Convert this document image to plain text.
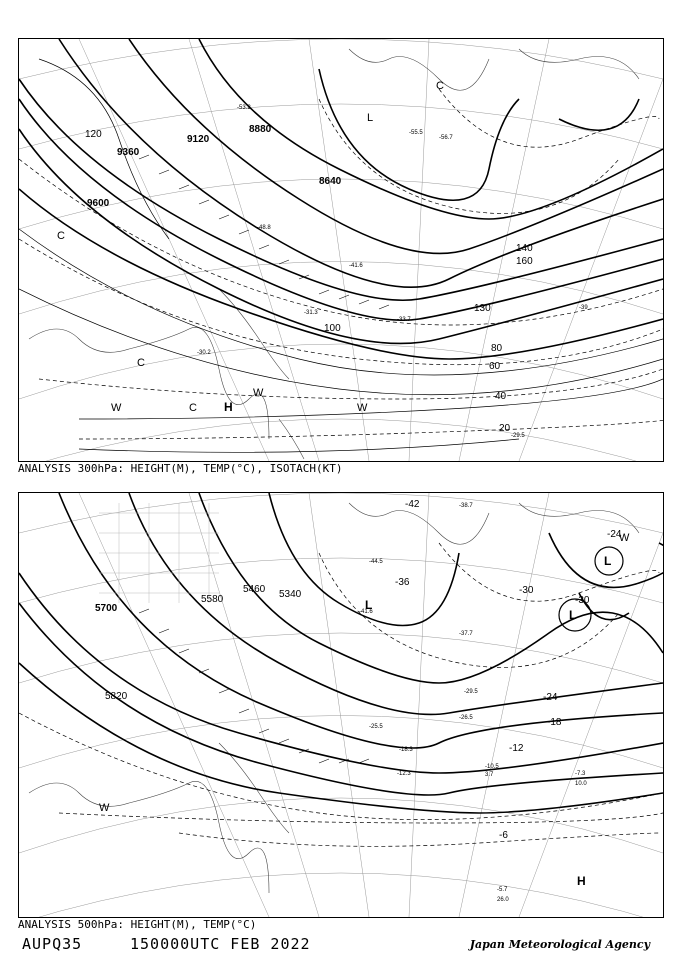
9600
9360
9120
8880
8640
120
140
160
130
100
80
60
40
20
-29.5
-30.2
-31.3
-33.7
-39
-41.6
-48.8
-53.2
-55.5
-56.7
C
C
C
C
H
L
W
W
W
ANALYSIS 300hPa: HEIGHT(M), TEMP(°C), ISOTACH(KT)
5700
5820
5580
5460 5340
-42
-36
-30
-24
-18
-12
-6
-24
-30
-38.7
-37.7
-44.5
-41.6
-29.5
-26.5
-25.5
-18.3
-12.3
-10.5
-7.3
-5.7
3.7
10.0
26.0
L
L
L
H
W
W
ANALYSIS 500hPa: HEIGHT(M), TEMP(°C)
AUPQ35	150000UTC FEB 2022	Japan Meteorological Agency
